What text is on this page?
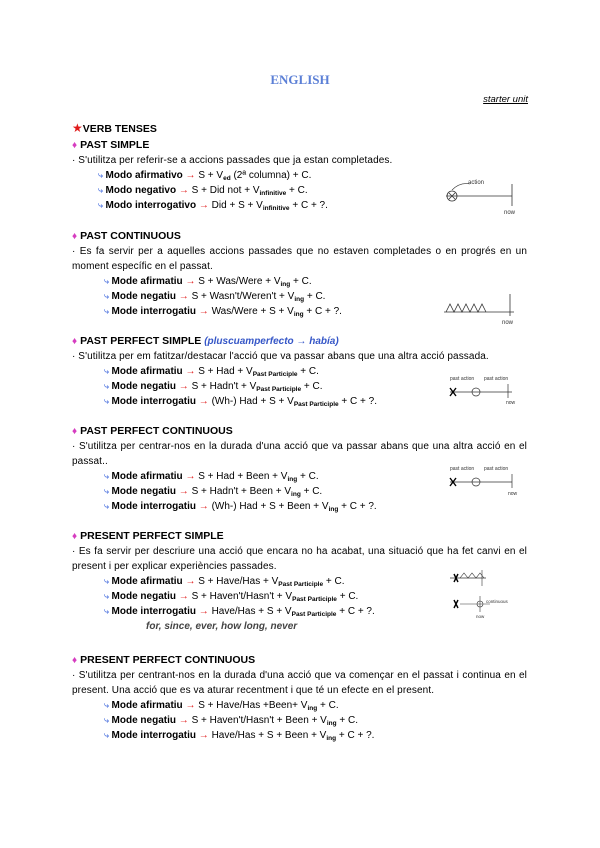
ENGLISH
starter unit
★VERB TENSES
♦ PAST SIMPLE
· S'utilitza per referir-se a accions passades que ja estan completades.
⤷ Modo afirmativo → $S + V_{ed}$ (2ª columna) + C.
⤷ Modo negativo → S + Did not + $V_{infinitive} + C$.
⤷ Modo interrogativo → Did + $S + V_{infinitive} + C$ + ?.
♦ PAST CONTINUOUS
· Es fa servir per a aquelles accions passades que no estaven completades o en progrés en un moment específic en el passat.
⤷ Mode afirmatiu → S + Was/Were + $V_{ing} + C$.
⤷ Mode negatiu → S + Wasn't/Weren't + $V_{ing} + C$.
⤷ Mode interrogatiu → Was/Were + $S + V_{ing} + C$ + ?.
♦ PAST PERFECT SIMPLE (pluscuamperfecto → había)
· S'utilitza per em fatitzar/destacar l'acció que va passar abans que una altra acció passada.
⤷ Mode afirmatiu → S + Had + $V_{Past Participle} + C$.
⤷ Mode negatiu → S + Hadn't + $V_{Past Participle} + C$.
⤷ Mode interrogatiu → (Wh-) Had + $S + V_{Past Participle} + C$ + ?.
♦ PAST PERFECT CONTINUOUS
· S'utilitza per centrar-nos en la durada d'una acció que va passar abans que una altra acció en el passat..
⤷ Mode afirmatiu → S + Had + Been + $V_{ing} + C$.
⤷ Mode negatiu → S + Hadn't + Been + $V_{ing} + C$.
⤷ Mode interrogatiu → (Wh-) Had + S + Been + $V_{ing} + C$ + ?.
♦ PRESENT PERFECT SIMPLE
· Es fa servir per descriure una acció que encara no ha acabat, una situació que ha fet canvi en el present i per explicar experiències passades.
⤷ Mode afirmatiu → S + Have/Has + $V_{Past Participle} + C$.
⤷ Mode negatiu → S + Haven't/Hasn't + $V_{Past Participle} + C$.
⤷ Mode interrogatiu → Have/Has + $S + V_{Past Participle} + C$ + ?.
for, since, ever, how long, never
♦ PRESENT PERFECT CONTINUOUS
· S'utilitza per centrant-nos en la durada d'una acció que va començar en el passat i continua en el present. Una acció que es va aturar recentment i que té un efecte en el present.
⤷ Mode afirmatiu → S + Have/Has +Been+ $V_{ing} + C$.
⤷ Mode negatiu → S + Haven't/Hasn't + Been + $V_{ing} + C$.
⤷ Mode interrogatiu → Have/Has + S + Been + $V_{ing} + C$ + ?.
action
now
now
past action past action
now
past action past action
now
continuous
now
